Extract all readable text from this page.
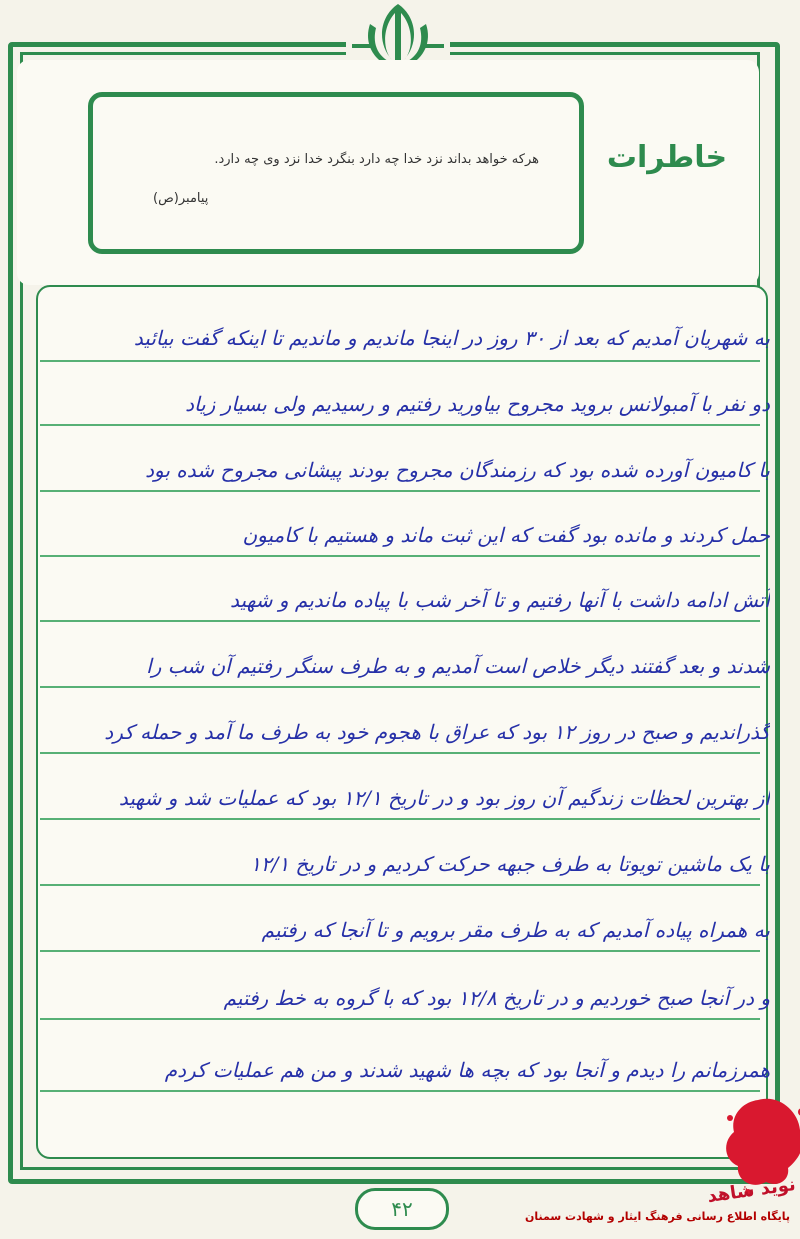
خاطرات
هرکه خواهد بداند نزد خدا چه دارد بنگرد خدا نزد وی چه دارد.
پیامبر(ص)
به شهریان آمدیم که بعد از ۳۰ روز در اینجا ماندیم و ماندیم تا اینکه گفت بیائید
دو نفر با آمبولانس بروید مجروح بیاورید رفتیم و رسیدیم ولی بسیار زیاد
با کامیون آورده شده بود که رزمندگان مجروح بودند پیشانی مجروح شده بود
حمل کردند و مانده بود گفت که این ثبت ماند و هستیم با کامیون
آتش ادامه داشت با آنها رفتیم و تا آخر شب با پیاده ماندیم و شهید
شدند و بعد گفتند دیگر خلاص است آمدیم و به طرف سنگر رفتیم آن شب را
گذراندیم و صبح در روز ۱۲ بود که عراق با هجوم خود به طرف ما آمد و حمله کرد
از بهترین لحظات زندگیم آن روز بود و در تاریخ ۱۲/۱ بود که عملیات شد و شهید
با یک ماشین تویوتا به طرف جبهه حرکت کردیم و در تاریخ ۱۲/۱
به همراه پیاده آمدیم که به طرف مقر برویم و تا آنجا که رفتیم
و در آنجا صبح خوردیم و در تاریخ ۱۲/۸ بود که با گروه به خط رفتیم
همرزمانم را دیدم و آنجا بود که بچه ها شهید شدند و من هم عملیات کردم
۴۲
نوید شاهد
پایگاه اطلاع رسانی فرهنگ ایثار و شهادت سمنان
